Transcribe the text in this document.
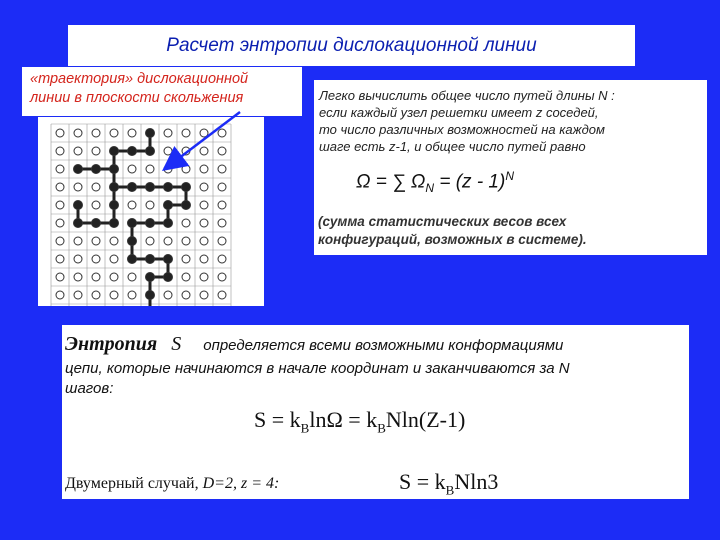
Расчет энтропии дислокационной линии
«траектория» дислокационной
линии в плоскости скольжения	Легко вычислить общее число путей длины N :
если каждый узел решетки имеет z соседей,
то число различных возможностей на каждом
шаге есть z-1, и общее число путей равно
Ω = ∑ $\Omega_N = (z - 1)^N$
(сумма статистических весов всех
конфигураций, возможных в системе).
Энтропия S определяется всеми возможными конформациями
цепи, которые начинаются в начале координат и заканчиваются за N
шагов:
$S = k_B\ln\Omega = k_BNln(Z-1)$
Двумерный случай, D=2, z = 4:	$S = k_BNln3$
